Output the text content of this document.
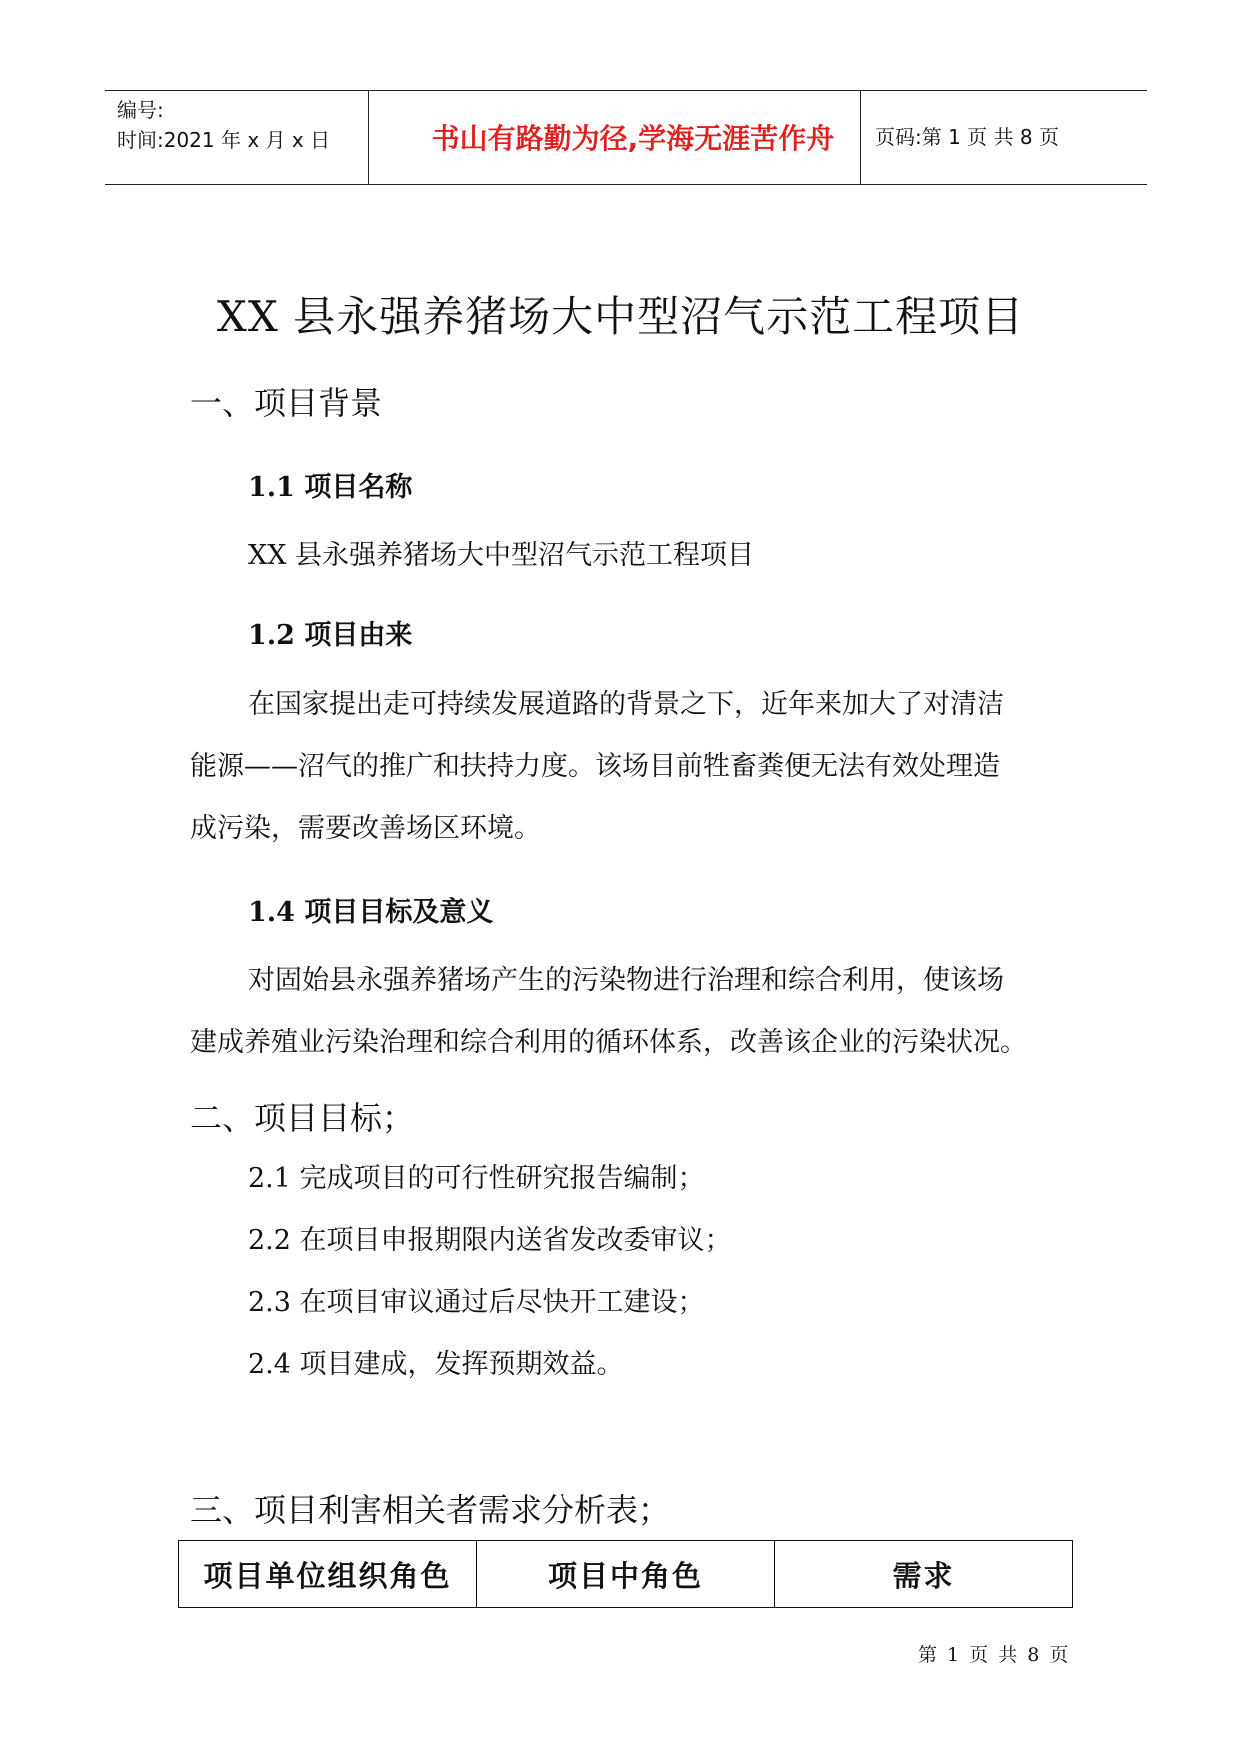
编号:
时间:2021 年 x 月 x 日	书山有路勤为径,学海无涯苦作舟	页码:第 1 页 共 8 页
XX 县永强养猪场大中型沼气示范工程项目
一、项目背景
1.1 项目名称
XX 县永强养猪场大中型沼气示范工程项目
1.2 项目由来
在国家提出走可持续发展道路的背景之下，近年来加大了对清洁
能源——沼气的推广和扶持力度。该场目前牲畜粪便无法有效处理造
成污染，需要改善场区环境。
1.4 项目目标及意义
对固始县永强养猪场产生的污染物进行治理和综合利用，使该场
建成养殖业污染治理和综合利用的循环体系，改善该企业的污染状况。
二、项目目标；
2.1 完成项目的可行性研究报告编制；
2.2 在项目申报期限内送省发改委审议；
2.3 在项目审议通过后尽快开工建设；
2.4 项目建成，发挥预期效益。
三、项目利害相关者需求分析表；
项目单位组织角色	项目中角色	需求
第 1 页 共 8 页
